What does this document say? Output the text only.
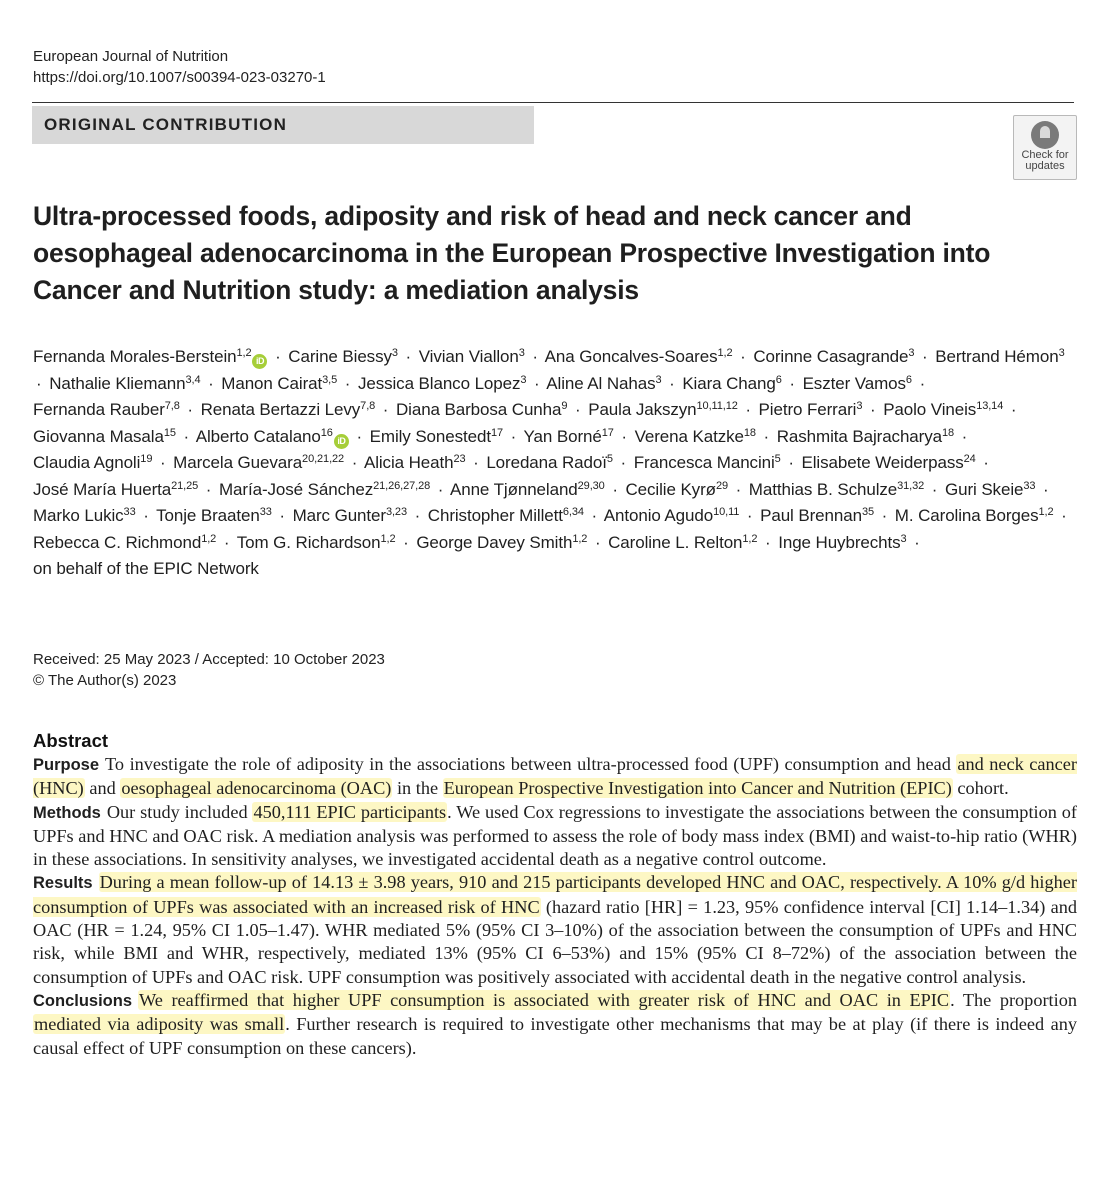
European Journal of Nutrition
https://doi.org/10.1007/s00394-023-03270-1
ORIGINAL CONTRIBUTION
Check for
updates
Ultra-processed foods, adiposity and risk of head and neck cancer and oesophageal adenocarcinoma in the European Prospective Investigation into Cancer and Nutrition study: a mediation analysis
Fernanda Morales-Berstein$^{1,2}$iD · Carine Biessy$^3$ · Vivian Viallon$^3$ · Ana Goncalves-Soares$^{1,2}$ · Corinne Casagrande$^3$ · Bertrand Hémon$^3$ · Nathalie Kliemann$^{3,4}$ · Manon Cairat$^{3,5}$ · Jessica Blanco Lopez$^3$ · Aline Al Nahas$^3$ · Kiara Chang$^6$ · Eszter Vamos$^6$ · Fernanda Rauber$^{7,8}$ · Renata Bertazzi Levy$^{7,8}$ · Diana Barbosa Cunha$^9$ · Paula Jakszyn$^{10,11,12}$ · Pietro Ferrari$^3$ · Paolo Vineis$^{13,14}$ · Giovanna Masala$^{15}$ · Alberto Catalano$^{16}$iD · Emily Sonestedt$^{17}$ · Yan Borné$^{17}$ · Verena Katzke$^{18}$ · Rashmita Bajracharya$^{18}$ · Claudia Agnoli$^{19}$ · Marcela Guevara$^{20,21,22}$ · Alicia Heath$^{23}$ · Loredana Radoï$^5$ · Francesca Mancini$^5$ · Elisabete Weiderpass$^{24}$ · José María Huerta$^{21,25}$ · María-José Sánchez$^{21,26,27,28}$ · Anne Tjønneland$^{29,30}$ · Cecilie Kyrø$^{29}$ · Matthias B. Schulze$^{31,32}$ · Guri Skeie$^{33}$ · Marko Lukic$^{33}$ · Tonje Braaten$^{33}$ · Marc Gunter$^{3,23}$ · Christopher Millett$^{6,34}$ · Antonio Agudo$^{10,11}$ · Paul Brennan$^{35}$ · M. Carolina Borges$^{1,2}$ · Rebecca C. Richmond$^{1,2}$ · Tom G. Richardson$^{1,2}$ · George Davey Smith$^{1,2}$ · Caroline L. Relton$^{1,2}$ · Inge Huybrechts$^3$ · on behalf of the EPIC Network
Received: 25 May 2023 / Accepted: 10 October 2023
© The Author(s) 2023
Abstract
Purpose To investigate the role of adiposity in the associations between ultra-processed food (UPF) consumption and head and neck cancer (HNC) and oesophageal adenocarcinoma (OAC) in the European Prospective Investigation into Cancer and Nutrition (EPIC) cohort.
Methods Our study included 450,111 EPIC participants. We used Cox regressions to investigate the associations between the consumption of UPFs and HNC and OAC risk. A mediation analysis was performed to assess the role of body mass index (BMI) and waist-to-hip ratio (WHR) in these associations. In sensitivity analyses, we investigated accidental death as a negative control outcome.
Results During a mean follow-up of 14.13 ± 3.98 years, 910 and 215 participants developed HNC and OAC, respectively. A 10% g/d higher consumption of UPFs was associated with an increased risk of HNC (hazard ratio [HR] = 1.23, 95% confidence interval [CI] 1.14–1.34) and OAC (HR = 1.24, 95% CI 1.05–1.47). WHR mediated 5% (95% CI 3–10%) of the association between the consumption of UPFs and HNC risk, while BMI and WHR, respectively, mediated 13% (95% CI 6–53%) and 15% (95% CI 8–72%) of the association between the consumption of UPFs and OAC risk. UPF consumption was positively associated with accidental death in the negative control analysis.
Conclusions We reaffirmed that higher UPF consumption is associated with greater risk of HNC and OAC in EPIC. The proportion mediated via adiposity was small. Further research is required to investigate other mechanisms that may be at play (if there is indeed any causal effect of UPF consumption on these cancers).
